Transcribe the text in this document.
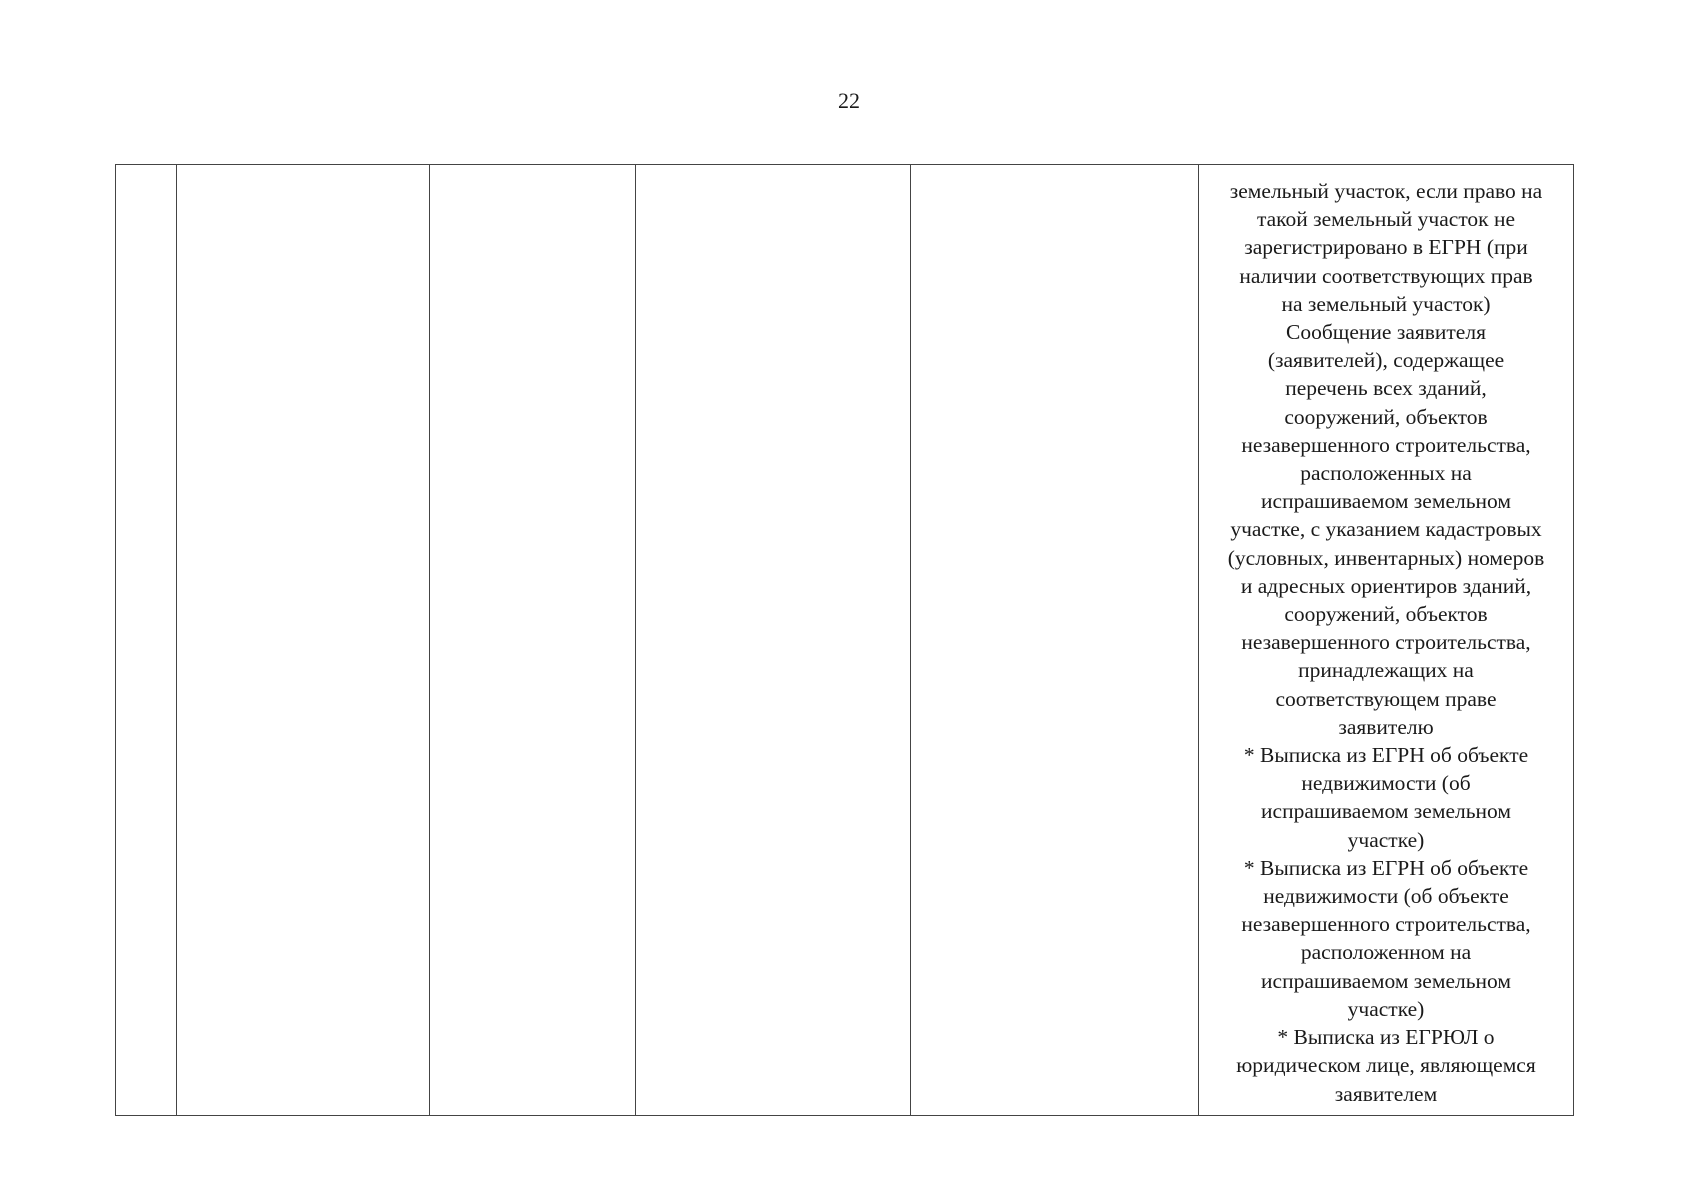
22

земельный участок, если право на
такой земельный участок не
зарегистрировано в ЕГРН (при
наличии соответствующих прав
на земельный участок)
Сообщение заявителя
(заявителей), содержащее
перечень всех зданий,
сооружений, объектов
незавершенного строительства,
расположенных на
испрашиваемом земельном
участке, с указанием кадастровых
(условных, инвентарных) номеров
и адресных ориентиров зданий,
сооружений, объектов
незавершенного строительства,
принадлежащих на
соответствующем праве
заявителю
* Выписка из ЕГРН об объекте
недвижимости (об
испрашиваемом земельном
участке)
* Выписка из ЕГРН об объекте
недвижимости (об объекте
незавершенного строительства,
расположенном на
испрашиваемом земельном
участке)
* Выписка из ЕГРЮЛ о
юридическом лице, являющемся
заявителем
